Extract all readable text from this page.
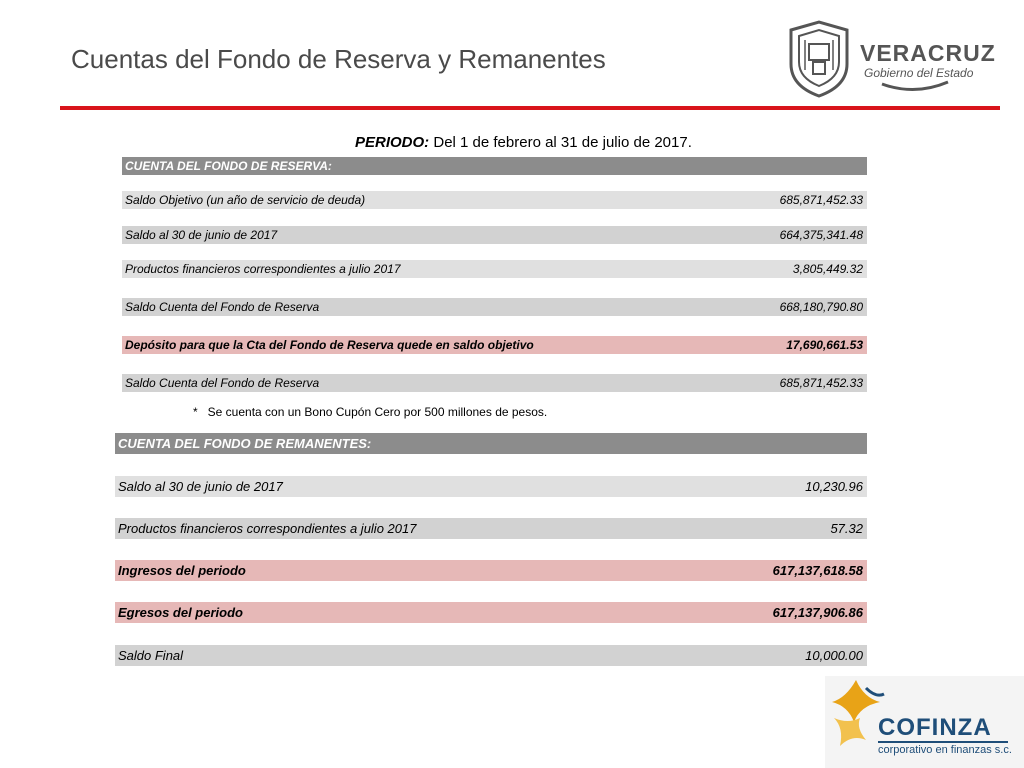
Cuentas del Fondo de Reserva y Remanentes	VERACRUZ
Gobierno del Estado
PERIODO: Del 1 de febrero al 31 de julio de 2017.
CUENTA DEL FONDO DE RESERVA:
Saldo Objetivo (un año de servicio de deuda)	685,871,452.33
Saldo al 30 de junio de 2017	664,375,341.48
Productos financieros correspondientes a julio 2017	3,805,449.32
Saldo Cuenta del Fondo de Reserva	668,180,790.80
Depósito para que la Cta del Fondo de Reserva quede en saldo objetivo	17,690,661.53
Saldo Cuenta del Fondo de Reserva	685,871,452.33
*   Se cuenta con un Bono Cupón Cero por 500 millones de pesos.
CUENTA DEL FONDO DE REMANENTES:
Saldo al 30 de junio de 2017	10,230.96
Productos financieros correspondientes a julio 2017	57.32
Ingresos del periodo	617,137,618.58
Egresos del periodo	617,137,906.86
Saldo Final	10,000.00
COFINZA
corporativo en finanzas s.c.
